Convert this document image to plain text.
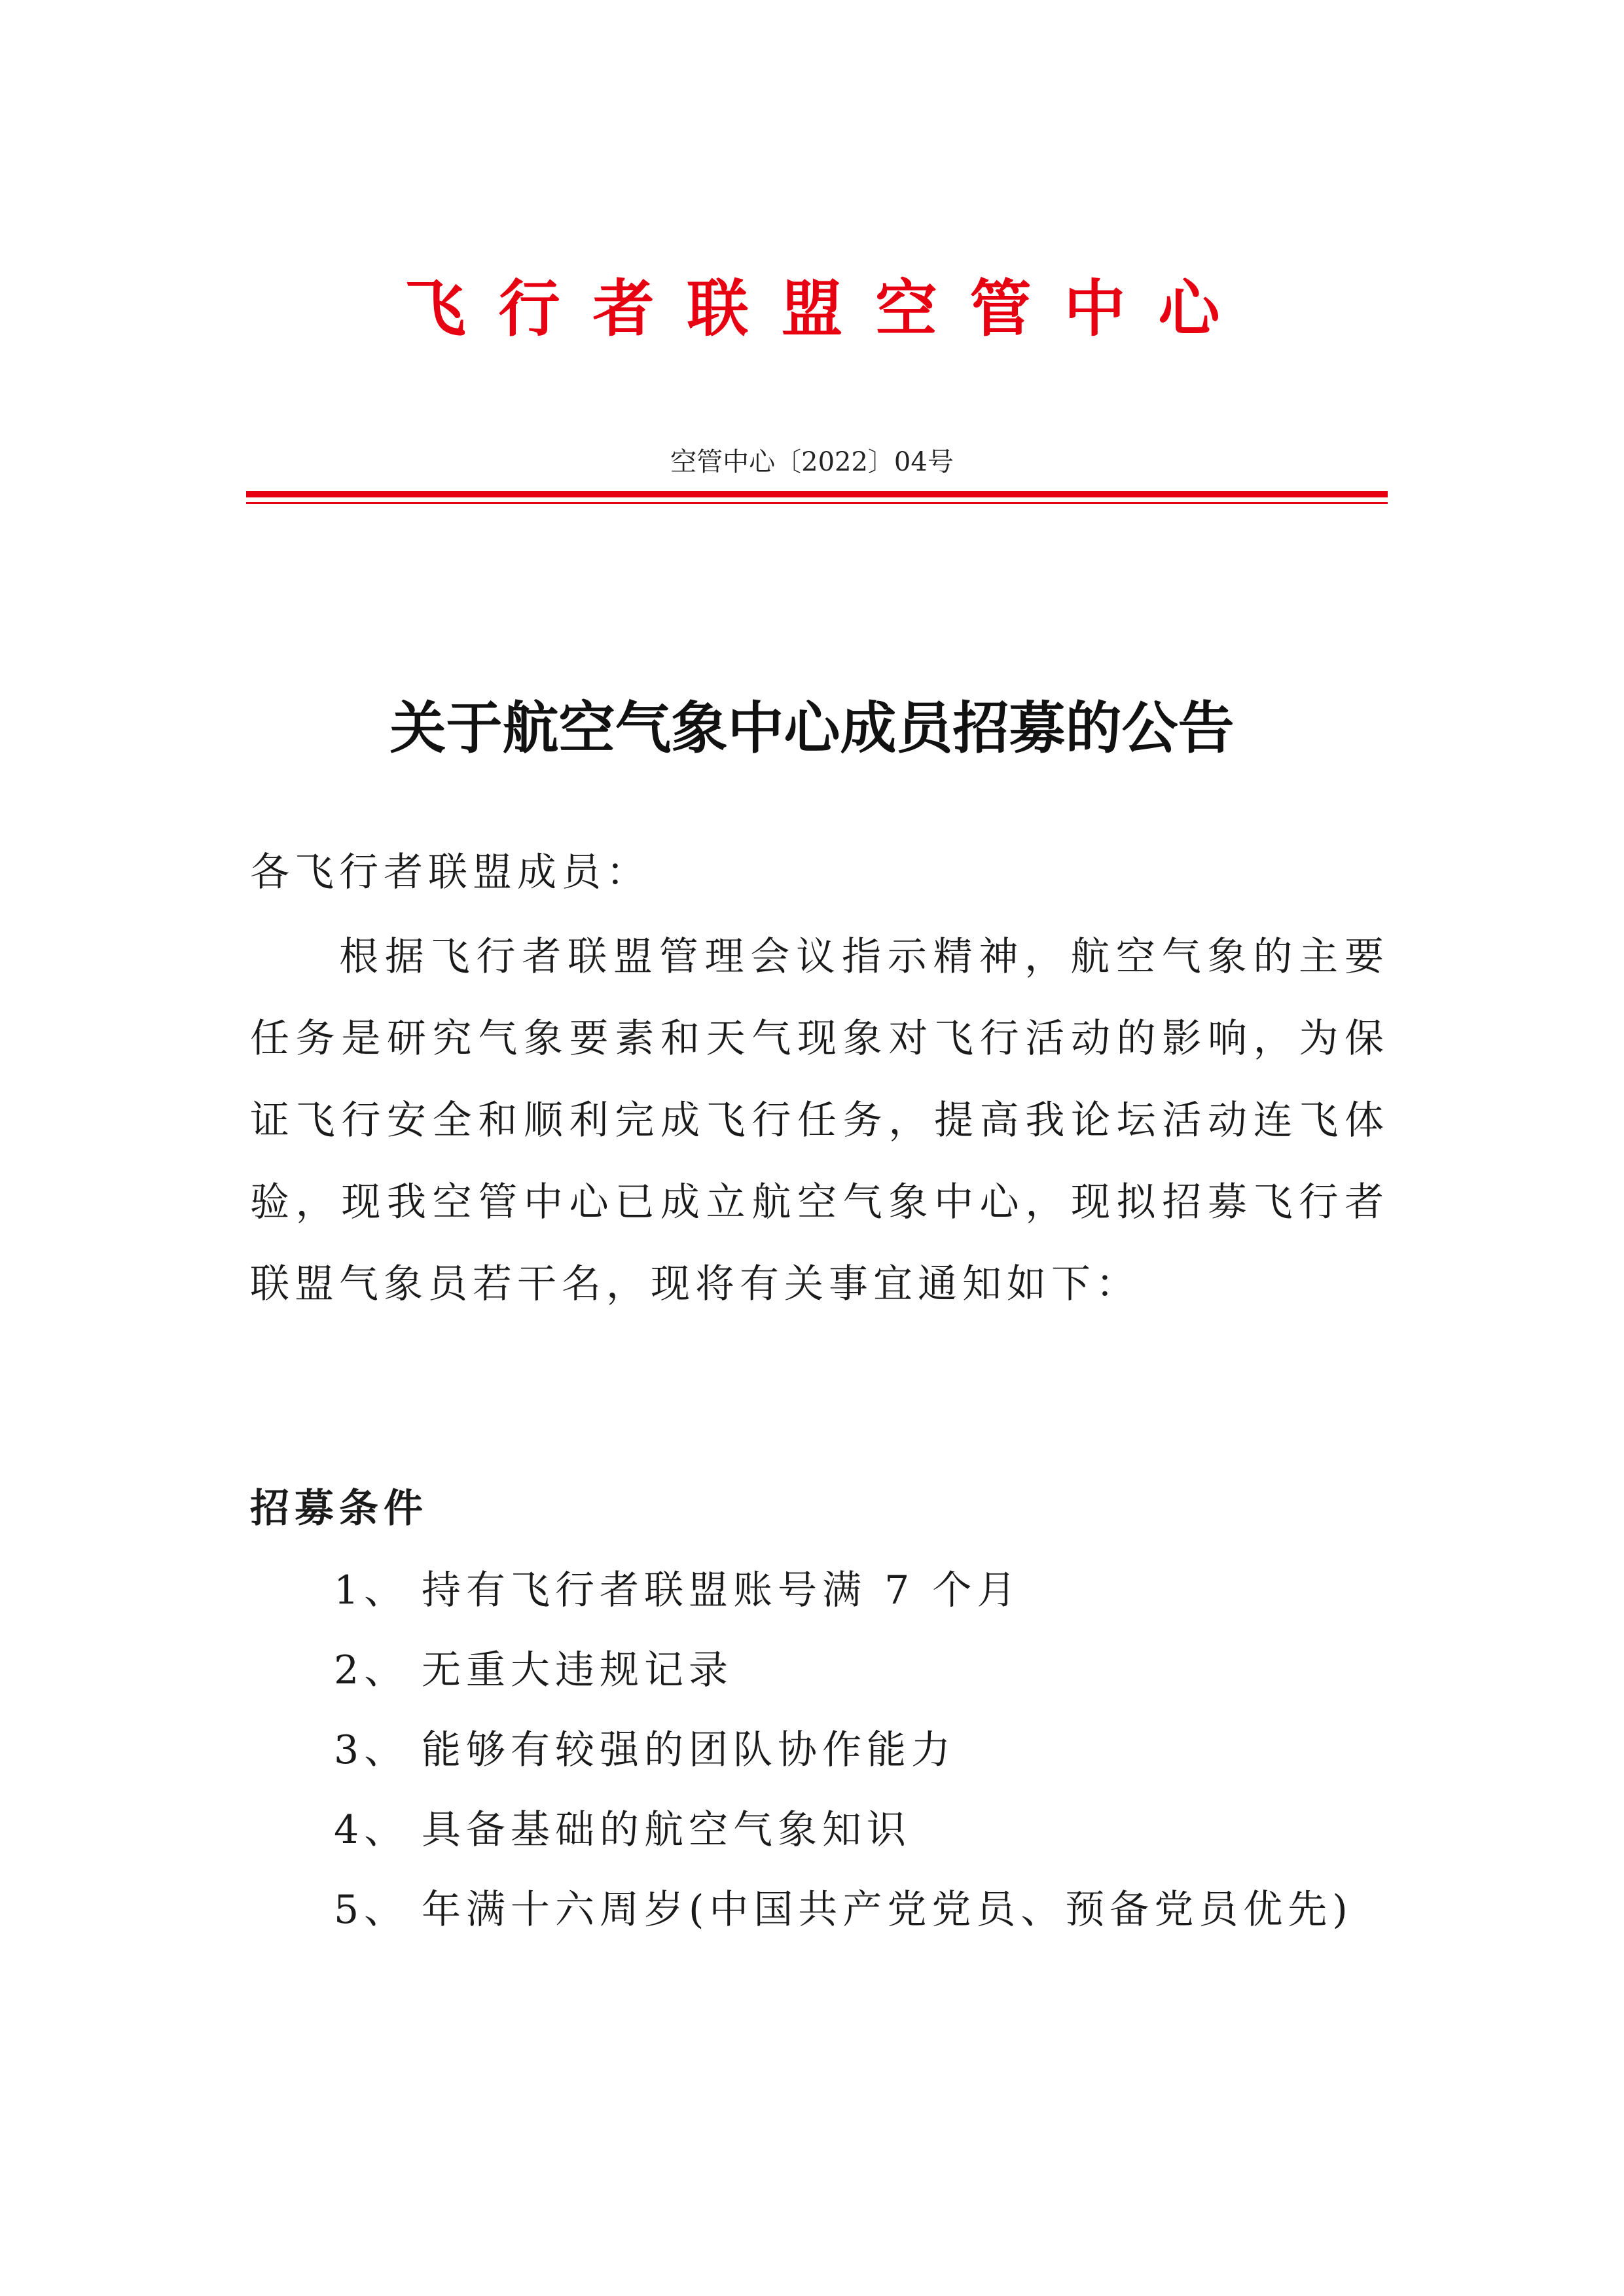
飞行者联盟空管中心
空管中心〔2022〕04号
关于航空气象中心成员招募的公告
各飞行者联盟成员：
根据飞行者联盟管理会议指示精神，航空气象的主要任务是研究气象要素和天气现象对飞行活动的影响，为保证飞行安全和顺利完成飞行任务，提高我论坛活动连飞体验，现我空管中心已成立航空气象中心，现拟招募飞行者联盟气象员若干名，现将有关事宜通知如下：
招募条件
1、 持有飞行者联盟账号满 7 个月
2、 无重大违规记录
3、 能够有较强的团队协作能力
4、 具备基础的航空气象知识
5、 年满十六周岁(中国共产党党员、预备党员优先)
